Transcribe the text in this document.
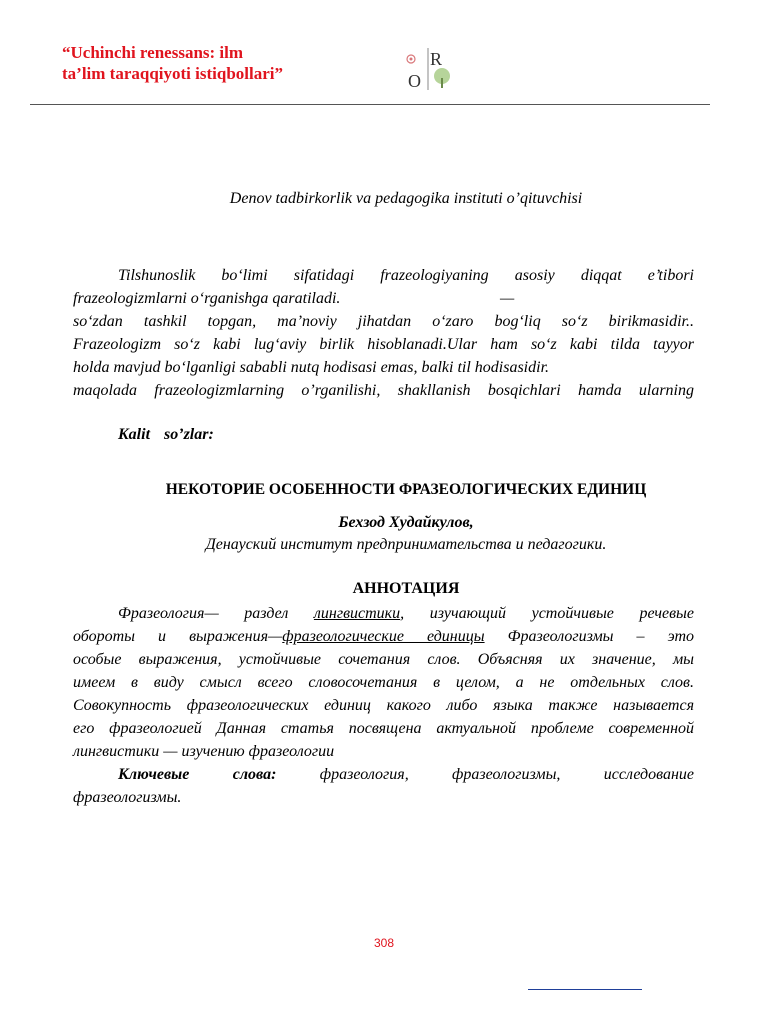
“Uchinchi renessans: ilm
ta’lim taraqqiyoti istiqbollari”
R
O
Denov tadbirkorlik va pedagogika instituti o’qituvchisi
Tilshunoslik bo‘limi sifatidagi frazeologiyaning asosiy diqqat e’tibori
frazeologizmlarni o‘rganishga qaratiladi.	—
so‘zdan tashkil topgan, ma’noviy jihatdan o‘zaro bog‘liq so‘z birikmasidir..
Frazeologizm so‘z kabi lug‘aviy birlik hisoblanadi.Ular ham so‘z kabi tilda tayyor
holda mavjud bo‘lganligi sababli nutq hodisasi emas, balki til hodisasidir.
maqolada frazeologizmlarning o’rganilishi, shakllanish bosqichlari hamda ularning
Kalit so’zlar:
НЕКОТОРИЕ ОСОБЕННОСТИ ФРАЗЕОЛОГИЧЕСКИХ ЕДИНИЦ
Бехзод Худайкулов,
Денауский институт предпринимательства и педагогики.
АННОТАЦИЯ
Фразеология— раздел лингвистики, изучающий устойчивые речевые
обороты и выражения—фразеологические единицы Фразеологизмы – это
особые выражения, устойчивые сочетания слов. Объясняя их значение, мы
имеем в виду смысл всего словосочетания в целом, а не отдельных слов.
Совокупность фразеологических единиц какого либо языка также называется
его фразеологией Данная статья посвящена актуальной проблеме современной
лингвистики — изучению фразеологии
Ключевые слова: фразеология, фразеологизмы, исследование
фразеологизмы.
308
